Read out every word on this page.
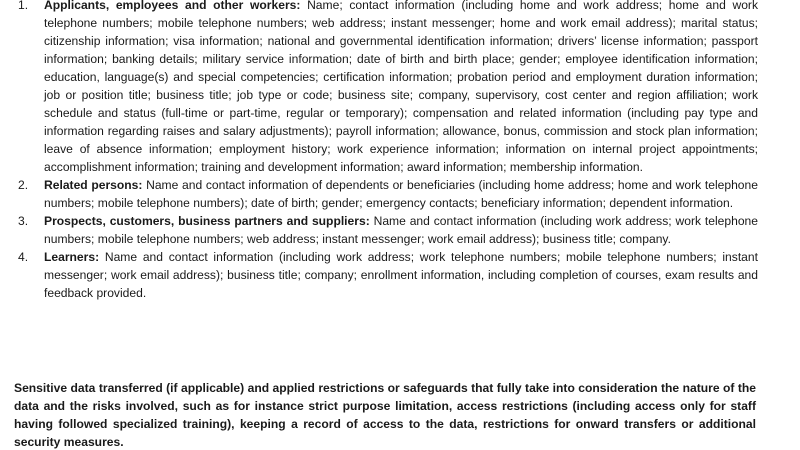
1. Applicants, employees and other workers: Name; contact information (including home and work address; home and work telephone numbers; mobile telephone numbers; web address; instant messenger; home and work email address); marital status; citizenship information; visa information; national and governmental identification information; drivers’ license information; passport information; banking details; military service information; date of birth and birth place; gender; employee identification information; education, language(s) and special competencies; certification information; probation period and employment duration information; job or position title; business title; job type or code; business site; company, supervisory, cost center and region affiliation; work schedule and status (full-time or part-time, regular or temporary); compensation and related information (including pay type and information regarding raises and salary adjustments); payroll information; allowance, bonus, commission and stock plan information; leave of absence information; employment history; work experience information; information on internal project appointments; accomplishment information; training and development information; award information; membership information.
2. Related persons: Name and contact information of dependents or beneficiaries (including home address; home and work telephone numbers; mobile telephone numbers); date of birth; gender; emergency contacts; beneficiary information; dependent information.
3. Prospects, customers, business partners and suppliers: Name and contact information (including work address; work telephone numbers; mobile telephone numbers; web address; instant messenger; work email address); business title; company.
4. Learners: Name and contact information (including work address; work telephone numbers; mobile telephone numbers; instant messenger; work email address); business title; company; enrollment information, including completion of courses, exam results and feedback provided.

Sensitive data transferred (if applicable) and applied restrictions or safeguards that fully take into consideration the nature of the data and the risks involved, such as for instance strict purpose limitation, access restrictions (including access only for staff having followed specialized training), keeping a record of access to the data, restrictions for onward transfers or additional security measures.
